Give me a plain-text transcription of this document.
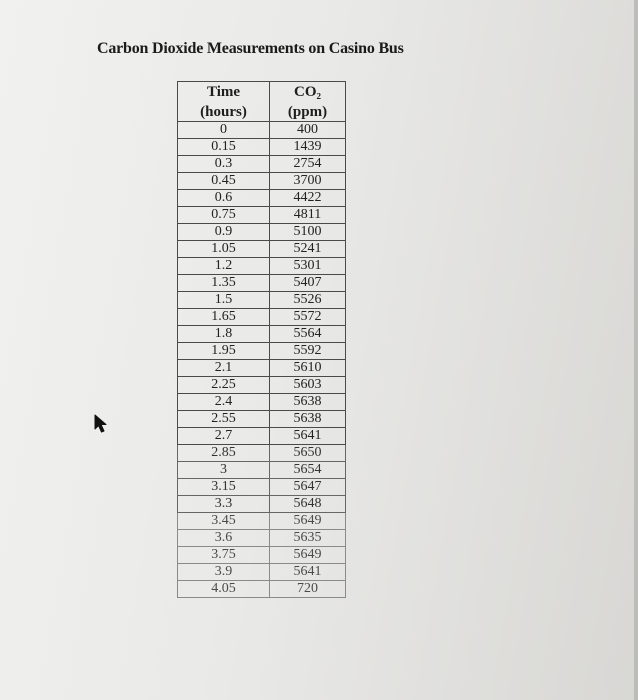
Carbon Dioxide Measurements on Casino Bus
Time	CO₂
(hours)	(ppm)
0	400
0.15	1439
0.3	2754
0.45	3700
0.6	4422
0.75	4811
0.9	5100
1.05	5241
1.2	5301
1.35	5407
1.5	5526
1.65	5572
1.8	5564
1.95	5592
2.1	5610
2.25	5603
2.4	5638
2.55	5638
2.7	5641
2.85	5650
3	5654
3.15	5647
3.3	5648
3.45	5649
3.6	5635
3.75	5649
3.9	5641
4.05	720
